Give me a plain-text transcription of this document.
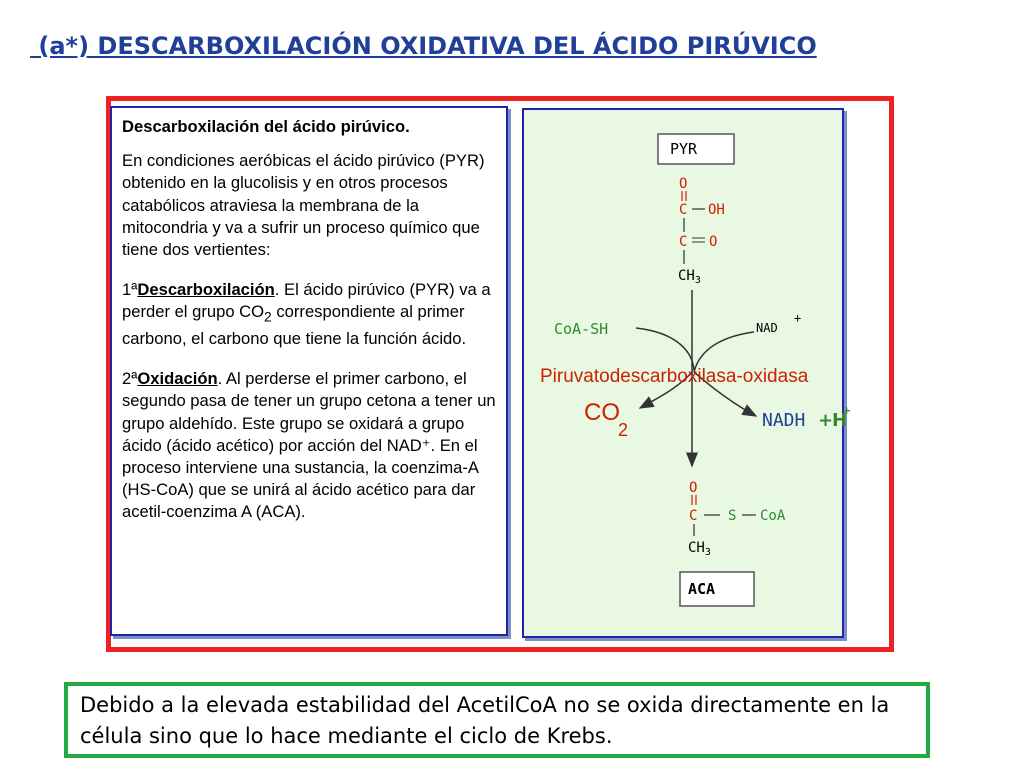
(a*) DESCARBOXILACIÓN OXIDATIVA DEL ÁCIDO PIRÚVICO

Descarboxilación del ácido pirúvico.

En condiciones aeróbicas el ácido pirúvico (PYR) obtenido en la glucolisis y en otros procesos catabólicos atraviesa la membrana de la mitocondria y va a sufrir un proceso químico que tiene dos vertientes:

1ªDescarboxilación. El ácido pirúvico (PYR) va a perder el grupo $CO_2$ correspondiente al primer carbono, el carbono que tiene la función ácido.

2ªOxidación. Al perderse el primer carbono, el segundo pasa de tener un grupo cetona a tener un grupo aldehído. Este grupo se oxidará a grupo ácido (ácido acético) por acción del NAD⁺. En el proceso interviene una sustancia, la coenzima-A (HS-CoA) que se unirá al ácido acético para dar acetil-coenzima A (ACA).

PYR
O
C OH
C O
$CH_3$
CoA-SH	NAD
+
Piruvatodescarboxilasa-oxidasa
CO
2	NADH +
H
+
O
C S CoA
$CH_3$
ACA
Debido a la elevada estabilidad del AcetilCoA no se oxida directamente en la célula sino que lo hace mediante el ciclo de Krebs.
